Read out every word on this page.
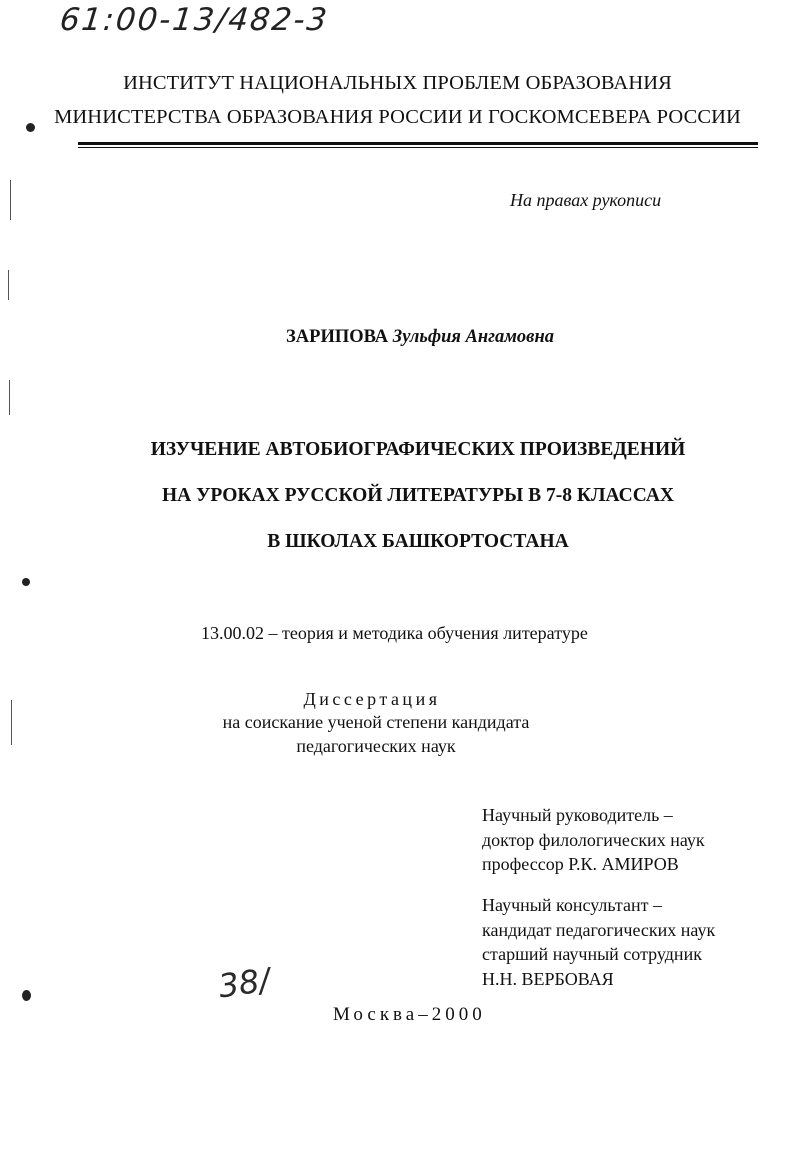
61:00-13/482-3
ИНСТИТУТ НАЦИОНАЛЬНЫХ ПРОБЛЕМ ОБРАЗОВАНИЯ
МИНИСТЕРСТВА ОБРАЗОВАНИЯ РОССИИ И ГОСКОМСЕВЕРА РОССИИ
На правах рукописи
ЗАРИПОВА Зульфия Ангамовна
ИЗУЧЕНИЕ АВТОБИОГРАФИЧЕСКИХ ПРОИЗВЕДЕНИЙ
НА УРОКАХ РУССКОЙ ЛИТЕРАТУРЫ В 7-8 КЛАССАХ
В ШКОЛАХ БАШКОРТОСТАНА
13.00.02 – теория и методика обучения литературе
Диссертация
на соискание ученой степени кандидата
педагогических наук
Научный руководитель –
доктор филологических наук
профессор Р.К. АМИРОВ
Научный консультант –
кандидат педагогических наук
старший научный сотрудник
Н.Н. ВЕРБОВАЯ
38/
Москва–2000
